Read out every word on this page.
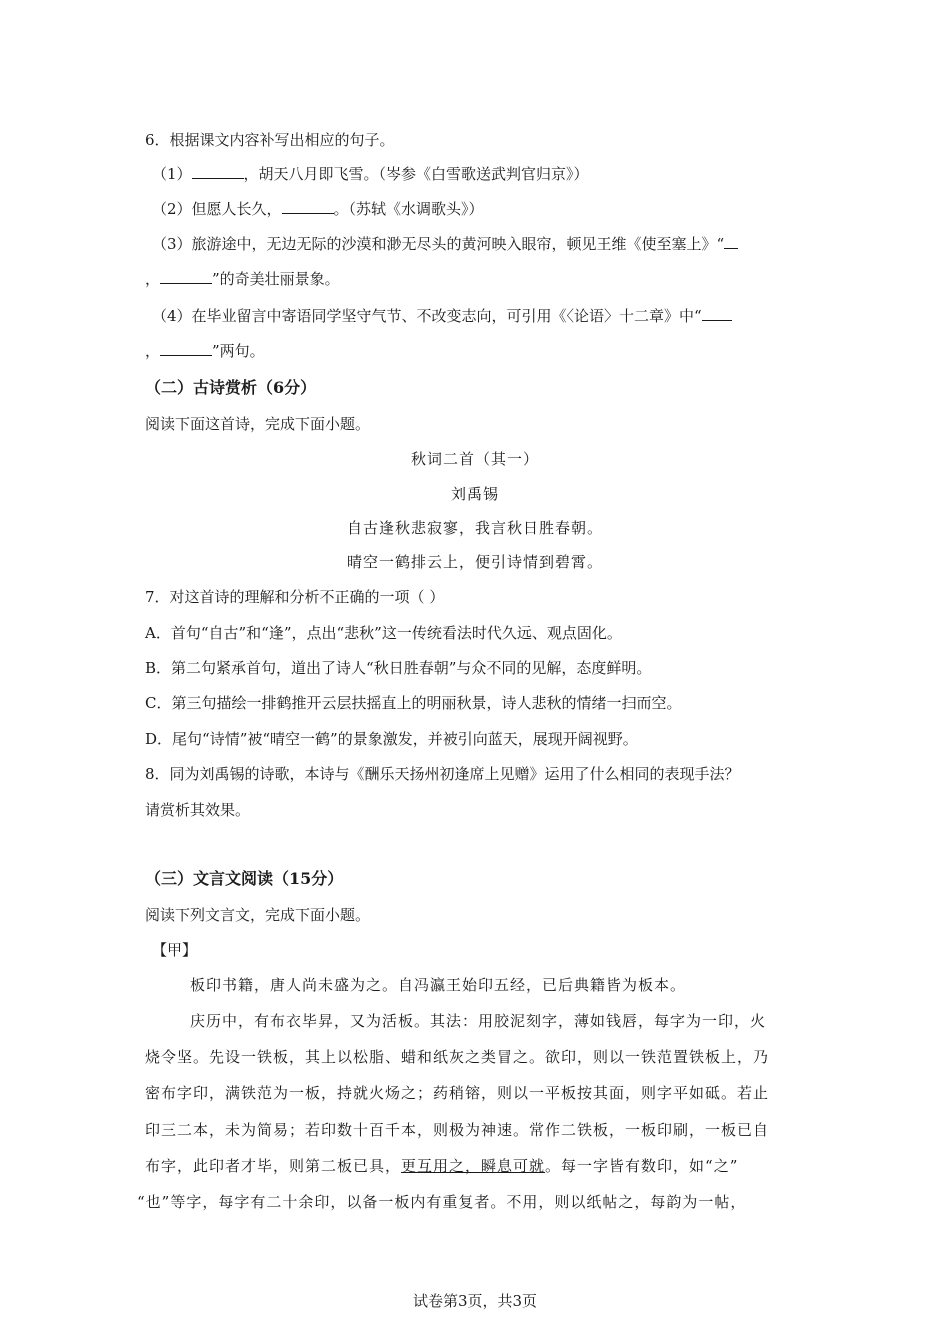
6．根据课文内容补写出相应的句子。
（1）	，胡天八月即飞雪。（岑参《白雪歌送武判官归京》）
（2）但愿人长久，	。（苏轼《水调歌头》）
（3）旅游途中，无边无际的沙漠和渺无尽头的黄河映入眼帘，顿见王维《使至塞上》“
，	”的奇美壮丽景象。
（4）在毕业留言中寄语同学坚守气节、不改变志向，可引用《〈论语〉十二章》中“
，	”两句。
（二）古诗赏析（6分）
阅读下面这首诗，完成下面小题。
秋词二首（其一）
刘禹锡
自古逢秋悲寂寥，我言秋日胜春朝。
晴空一鹤排云上，便引诗情到碧霄。
7．对这首诗的理解和分析不正确的一项（ ）
A．首句“自古”和“逢”，点出“悲秋”这一传统看法时代久远、观点固化。
B．第二句紧承首句，道出了诗人“秋日胜春朝”与众不同的见解，态度鲜明。
C．第三句描绘一排鹤推开云层扶摇直上的明丽秋景，诗人悲秋的情绪一扫而空。
D．尾句“诗情”被“晴空一鹤”的景象激发，并被引向蓝天，展现开阔视野。
8．同为刘禹锡的诗歌，本诗与《酬乐天扬州初逢席上见赠》运用了什么相同的表现手法？
请赏析其效果。
（三）文言文阅读（15分）
阅读下列文言文，完成下面小题。
【甲】
板印书籍，唐人尚未盛为之。自冯瀛王始印五经，已后典籍皆为板本。
庆历中，有布衣毕昇，又为活板。其法：用胶泥刻字，薄如钱唇，每字为一印，火
烧令坚。先设一铁板，其上以松脂、蜡和纸灰之类冒之。欲印，则以一铁范置铁板上，乃
密布字印，满铁范为一板，持就火炀之；药稍镕，则以一平板按其面，则字平如砥。若止
印三二本，未为简易；若印数十百千本，则极为神速。常作二铁板，一板印刷，一板已自
布字，此印者才毕，则第二板已具，更互用之，瞬息可就。每一字皆有数印，如“之”
“也”等字，每字有二十余印，以备一板内有重复者。不用，则以纸帖之，每韵为一帖，
试卷第3页，共3页
